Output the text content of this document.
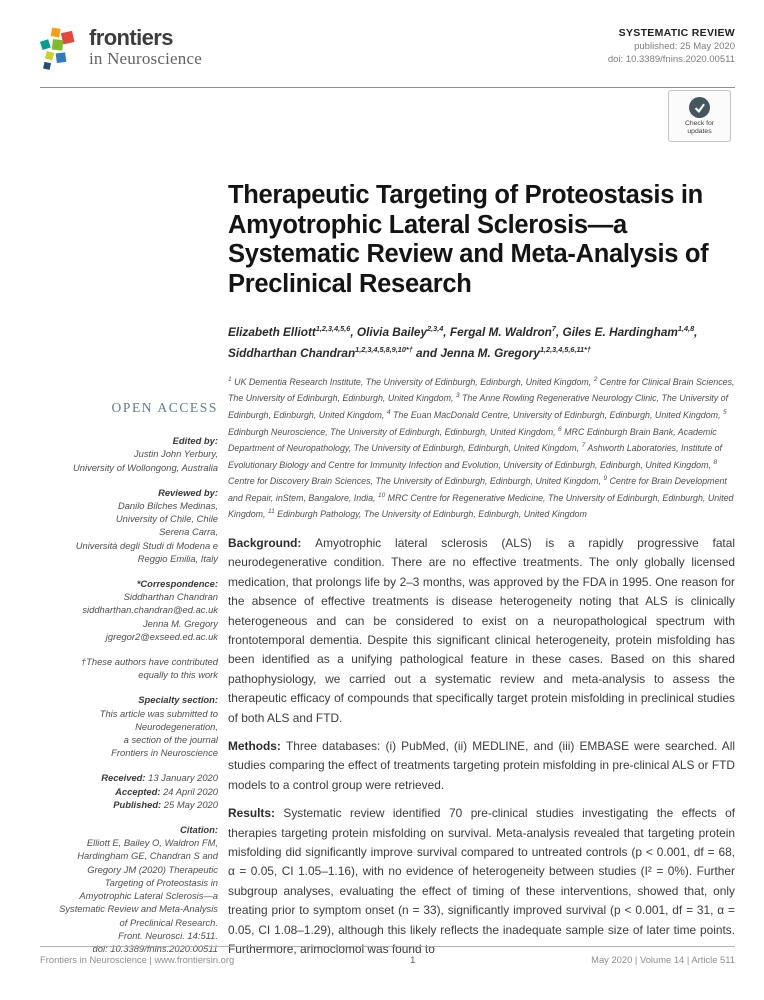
frontiers
in Neuroscience
SYSTEMATIC REVIEW
published: 25 May 2020
doi: 10.3389/fnins.2020.00511
Check for
updates
OPEN ACCESS
Edited by:
Justin John Yerbury,
University of Wollongong, Australia
Reviewed by:
Danilo Bilches Medinas,
University of Chile, Chile
Serena Carra,
Università degli Studi di Modena e
Reggio Emilia, Italy
*Correspondence:
Siddharthan Chandran
siddharthan.chandran@ed.ac.uk
Jenna M. Gregory
jgregor2@exseed.ed.ac.uk
†These authors have contributed
equally to this work
Specialty section:
This article was submitted to
Neurodegeneration,
a section of the journal
Frontiers in Neuroscience
Received: 13 January 2020
Accepted: 24 April 2020
Published: 25 May 2020
Citation:
Elliott E, Bailey O, Waldron FM,
Hardingham GE, Chandran S and
Gregory JM (2020) Therapeutic
Targeting of Proteostasis in
Amyotrophic Lateral Sclerosis—a
Systematic Review and Meta-Analysis
of Preclinical Research.
Front. Neurosci. 14:511.
doi: 10.3389/fnins.2020.00511
Therapeutic Targeting of Proteostasis in Amyotrophic Lateral Sclerosis—a Systematic Review and Meta-Analysis of Preclinical Research

Elizabeth Elliott$^{1,2,3,4,5,6}$, Olivia Bailey$^{2,3,4}$, Fergal M. Waldron$^7$, Giles E. Hardingham$^{1,4,8}$, Siddharthan Chandran$^{1,2,3,4,5,8,9,10*\dagger}$ and Jenna M. Gregory$^{1,2,3,4,5,6,11*\dagger}$

$^1$ UK Dementia Research Institute, The University of Edinburgh, Edinburgh, United Kingdom, $^2$ Centre for Clinical Brain Sciences, The University of Edinburgh, Edinburgh, United Kingdom, $^3$ The Anne Rowling Regenerative Neurology Clinic, The University of Edinburgh, Edinburgh, United Kingdom, $^4$ The Euan MacDonald Centre, University of Edinburgh, Edinburgh, United Kingdom, $^5$ Edinburgh Neuroscience, The University of Edinburgh, Edinburgh, United Kingdom, $^6$ MRC Edinburgh Brain Bank, Academic Department of Neuropathology, The University of Edinburgh, Edinburgh, United Kingdom, $^7$ Ashworth Laboratories, Institute of Evolutionary Biology and Centre for Immunity Infection and Evolution, University of Edinburgh, Edinburgh, United Kingdom, $^8$ Centre for Discovery Brain Sciences, The University of Edinburgh, Edinburgh, United Kingdom, $^9$ Centre for Brain Development and Repair, inStem, Bangalore, India, $^{10}$ MRC Centre for Regenerative Medicine, The University of Edinburgh, Edinburgh, United Kingdom, $^{11}$ Edinburgh Pathology, The University of Edinburgh, Edinburgh, United Kingdom

Background: Amyotrophic lateral sclerosis (ALS) is a rapidly progressive fatal neurodegenerative condition. There are no effective treatments. The only globally licensed medication, that prolongs life by 2–3 months, was approved by the FDA in 1995. One reason for the absence of effective treatments is disease heterogeneity noting that ALS is clinically heterogeneous and can be considered to exist on a neuropathological spectrum with frontotemporal dementia. Despite this significant clinical heterogeneity, protein misfolding has been identified as a unifying pathological feature in these cases. Based on this shared pathophysiology, we carried out a systematic review and meta-analysis to assess the therapeutic efficacy of compounds that specifically target protein misfolding in preclinical studies of both ALS and FTD.

Methods: Three databases: (i) PubMed, (ii) MEDLINE, and (iii) EMBASE were searched. All studies comparing the effect of treatments targeting protein misfolding in pre-clinical ALS or FTD models to a control group were retrieved.

Results: Systematic review identified 70 pre-clinical studies investigating the effects of therapies targeting protein misfolding on survival. Meta-analysis revealed that targeting protein misfolding did significantly improve survival compared to untreated controls (p < 0.001, df = 68, α = 0.05, CI 1.05–1.16), with no evidence of heterogeneity between studies (I² = 0%). Further subgroup analyses, evaluating the effect of timing of these interventions, showed that, only treating prior to symptom onset (n = 33), significantly improved survival (p < 0.001, df = 31, α = 0.05, CI 1.08–1.29), although this likely reflects the inadequate sample size of later time points. Furthermore, arimoclomol was found to

Frontiers in Neuroscience | www.frontiersin.org	1	May 2020 | Volume 14 | Article 511
